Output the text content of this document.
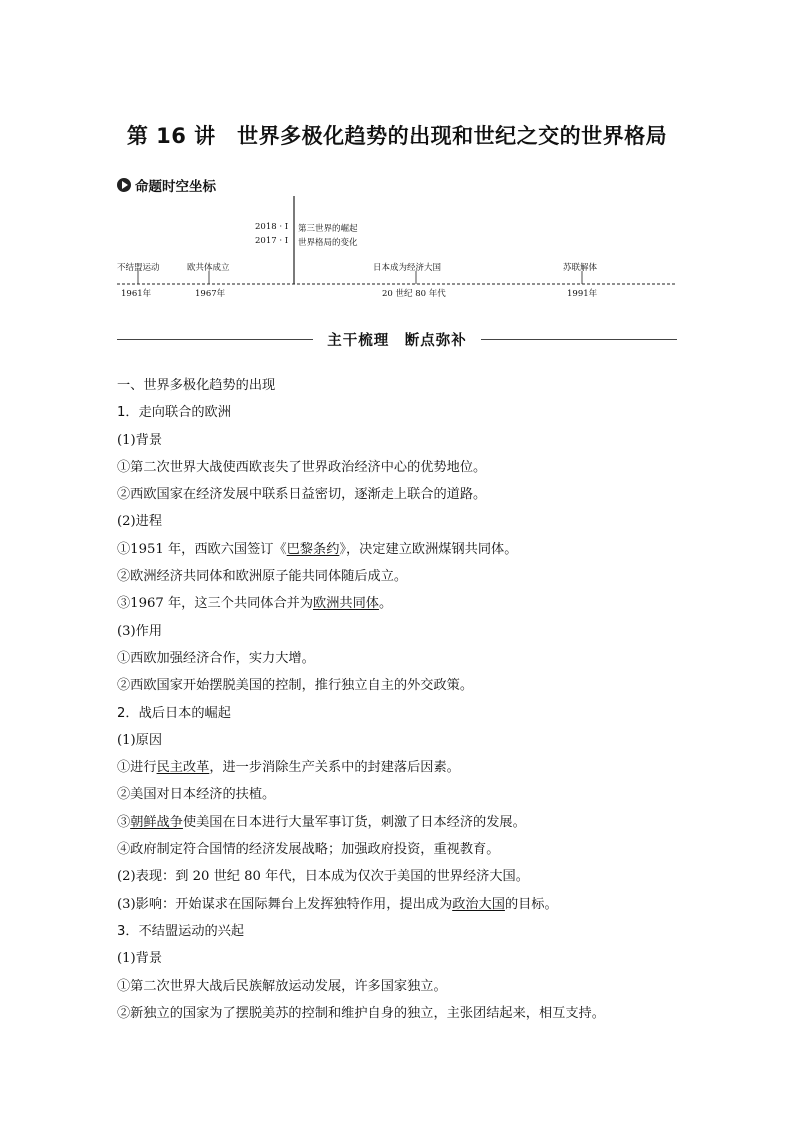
第 16 讲　世界多极化趋势的出现和世纪之交的世界格局
命题时空坐标
2018 · Ⅰ 第三世界的崛起
2017 · Ⅰ 世界格局的变化
不结盟运动	欧共体成立	日本成为经济大国	苏联解体
1961年	1967年	20 世纪 80 年代	1991年
主干梳理　断点弥补
一、世界多极化趋势的出现
1．走向联合的欧洲
(1)背景
①第二次世界大战使西欧丧失了世界政治经济中心的优势地位。
②西欧国家在经济发展中联系日益密切，逐渐走上联合的道路。
(2)进程
①1951 年，西欧六国签订《巴黎条约》，决定建立欧洲煤钢共同体。
②欧洲经济共同体和欧洲原子能共同体随后成立。
③1967 年，这三个共同体合并为欧洲共同体。
(3)作用
①西欧加强经济合作，实力大增。
②西欧国家开始摆脱美国的控制，推行独立自主的外交政策。
2．战后日本的崛起
(1)原因
①进行民主改革，进一步消除生产关系中的封建落后因素。
②美国对日本经济的扶植。
③朝鲜战争使美国在日本进行大量军事订货，刺激了日本经济的发展。
④政府制定符合国情的经济发展战略；加强政府投资，重视教育。
(2)表现：到 20 世纪 80 年代，日本成为仅次于美国的世界经济大国。
(3)影响：开始谋求在国际舞台上发挥独特作用，提出成为政治大国的目标。
3．不结盟运动的兴起
(1)背景
①第二次世界大战后民族解放运动发展，许多国家独立。
②新独立的国家为了摆脱美苏的控制和维护自身的独立，主张团结起来，相互支持。
